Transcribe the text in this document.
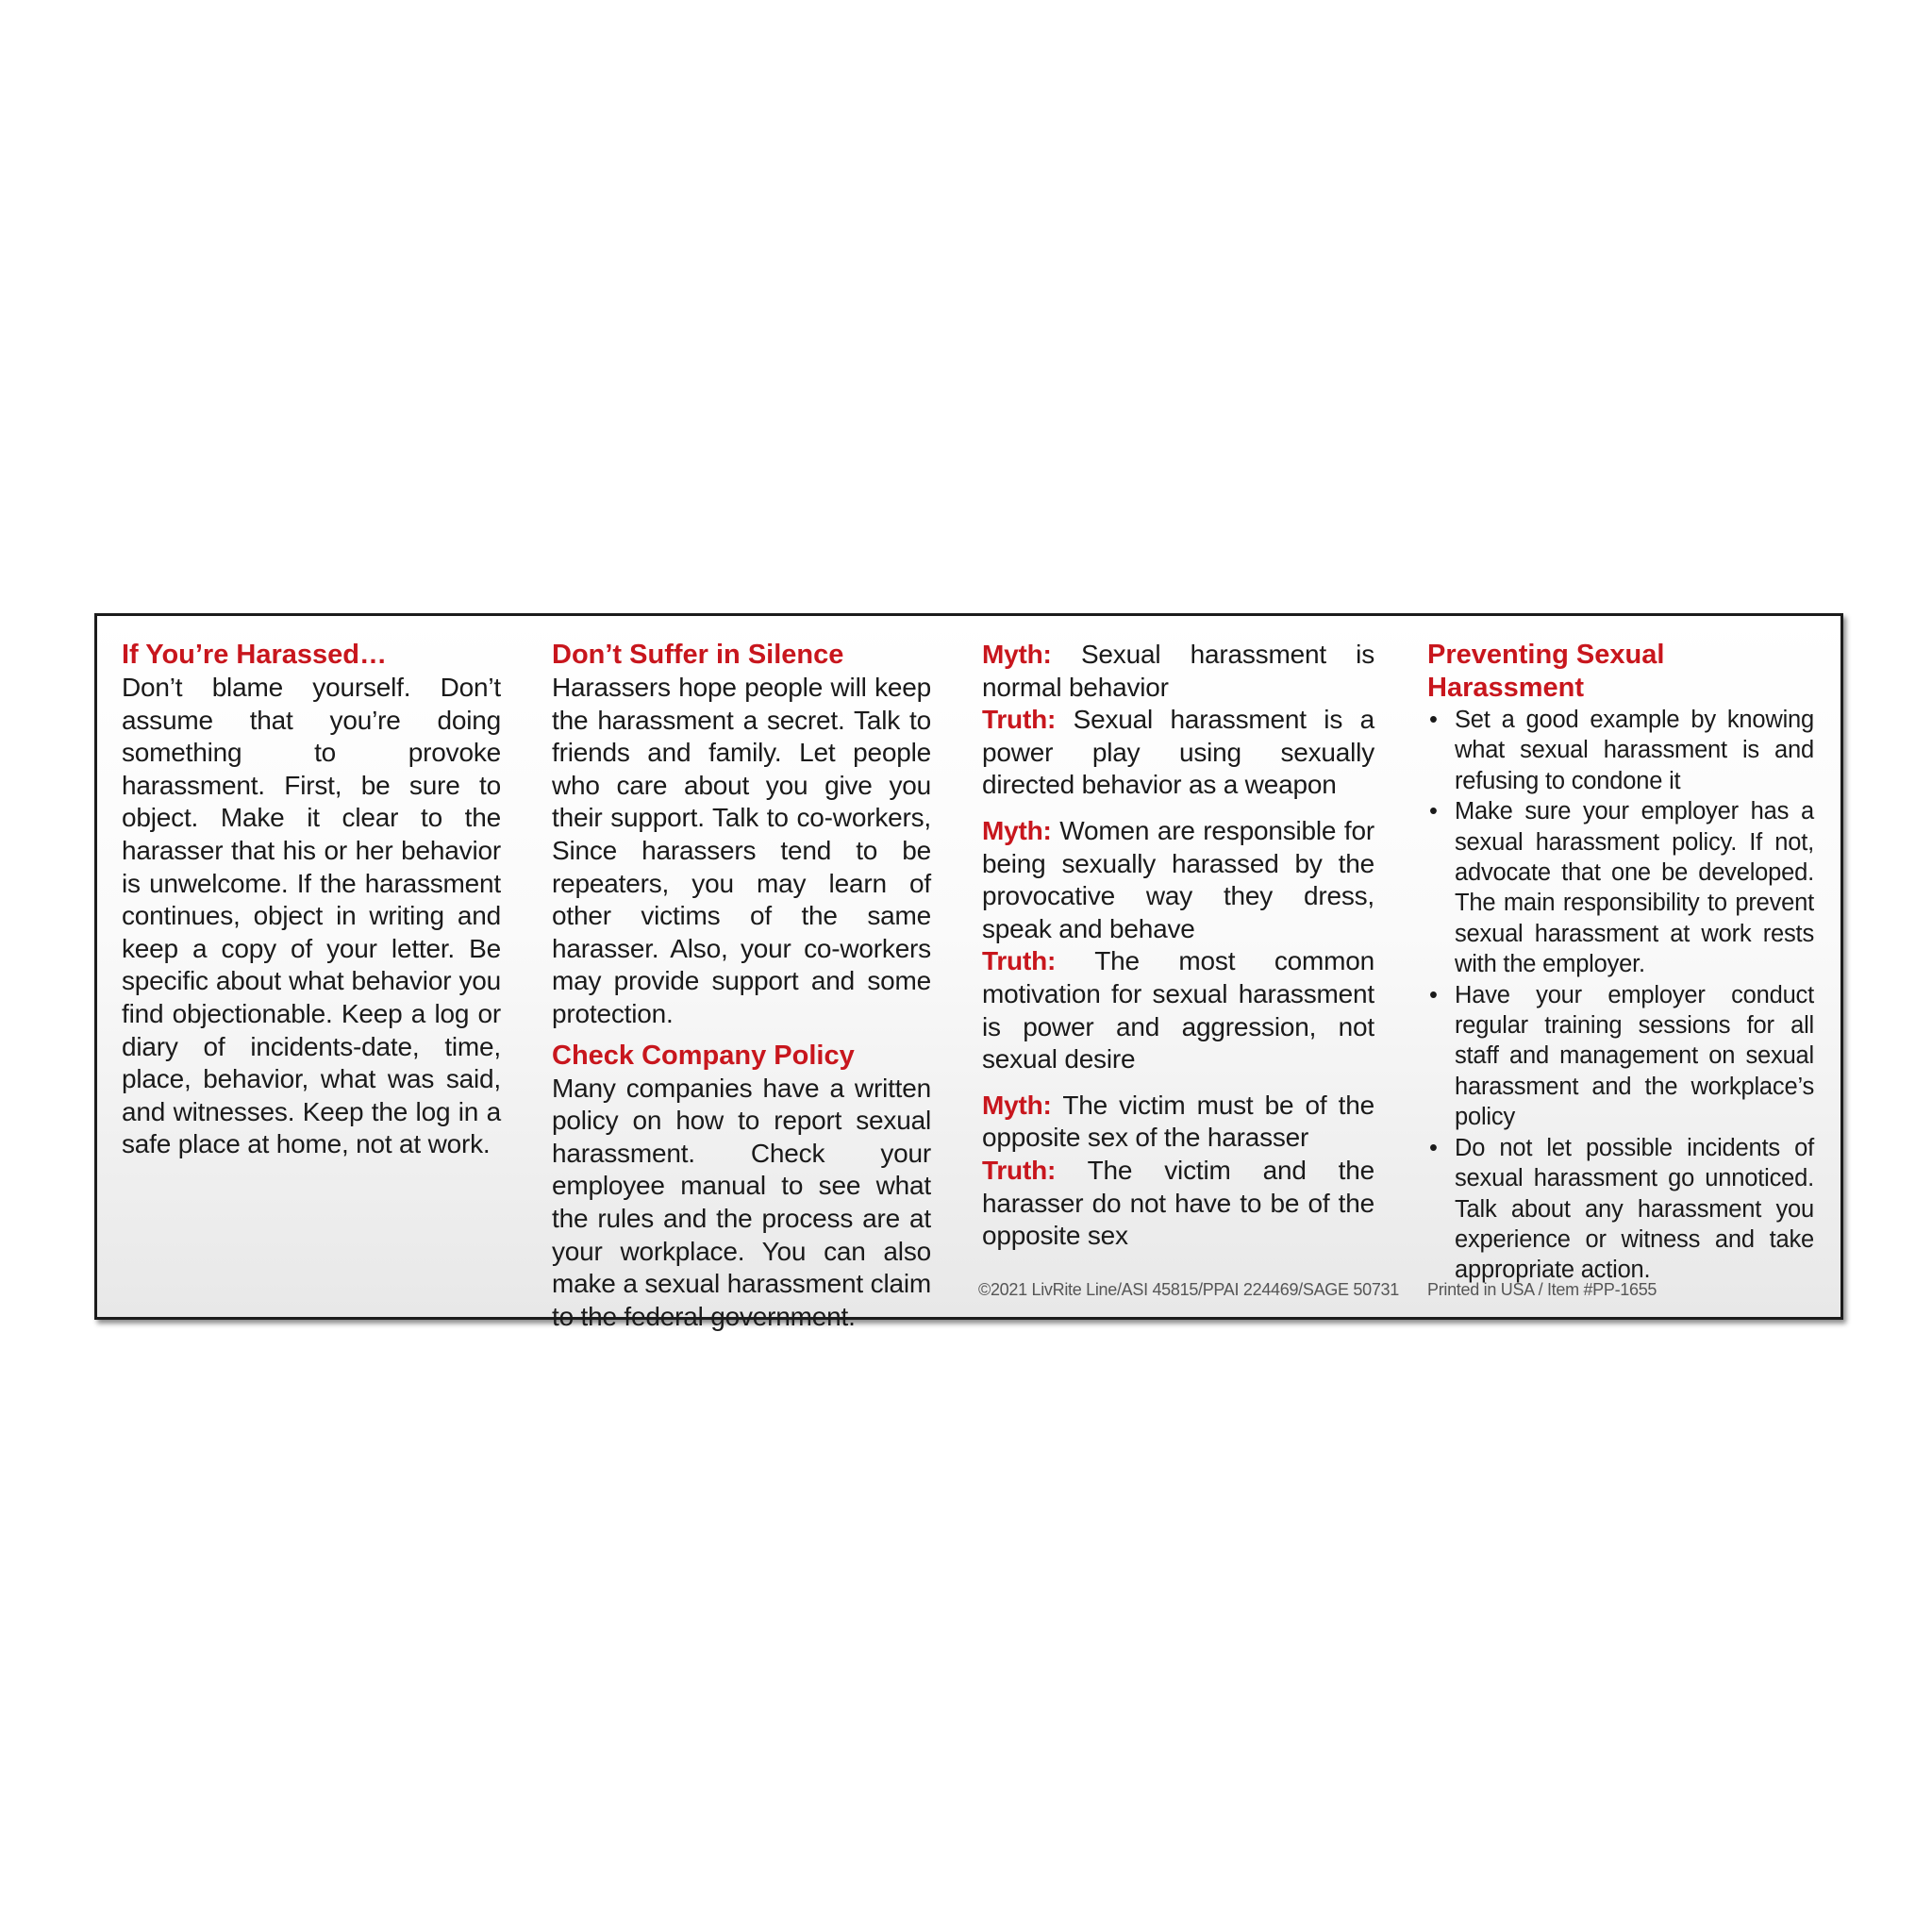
If You’re Harassed…

Don’t blame yourself. Don’t assume that you’re doing something to provoke harassment. First, be sure to object. Make it clear to the harasser that his or her behavior is unwelcome. If the harassment continues, object in writing and keep a copy of your letter. Be specific about what behavior you find objectionable. Keep a log or diary of incidents-date, time, place, behavior, what was said, and witnesses. Keep the log in a safe place at home, not at work.

Don’t Suffer in Silence

Harassers hope people will keep the harassment a secret. Talk to friends and family. Let people who care about you give you their support. Talk to co-workers, Since harassers tend to be repeaters, you may learn of other victims of the same harasser. Also, your co-workers may provide support and some protection.

Check Company Policy

Many companies have a written policy on how to report sexual harassment. Check your employee manual to see what the rules and the process are at your workplace. You can also make a sexual harassment claim to the federal government.

Myth: Sexual harassment is normal behavior
Truth: Sexual harassment is a power play using sexually directed behavior as a weapon

Myth: Women are responsible for being sexually harassed by the provocative way they dress, speak and behave
Truth: The most common motivation for sexual harassment is power and aggression, not sexual desire

Myth: The victim must be of the opposite sex of the harasser
Truth: The victim and the harasser do not have to be of the opposite sex

Preventing Sexual Harassment
• Set a good example by knowing what sexual harassment is and refusing to condone it
• Make sure your employer has a sexual harassment policy. If not, advocate that one be developed. The main responsibility to prevent sexual harassment at work rests with the employer.
• Have your employer conduct regular training sessions for all staff and management on sexual harassment and the workplace’s policy
• Do not let possible incidents of sexual harassment go unnoticed. Talk about any harassment you experience or witness and take appropriate action.
©2021 LivRite Line/ASI 45815/PPAI 224469/SAGE 50731 Printed in USA / Item #PP-1655
